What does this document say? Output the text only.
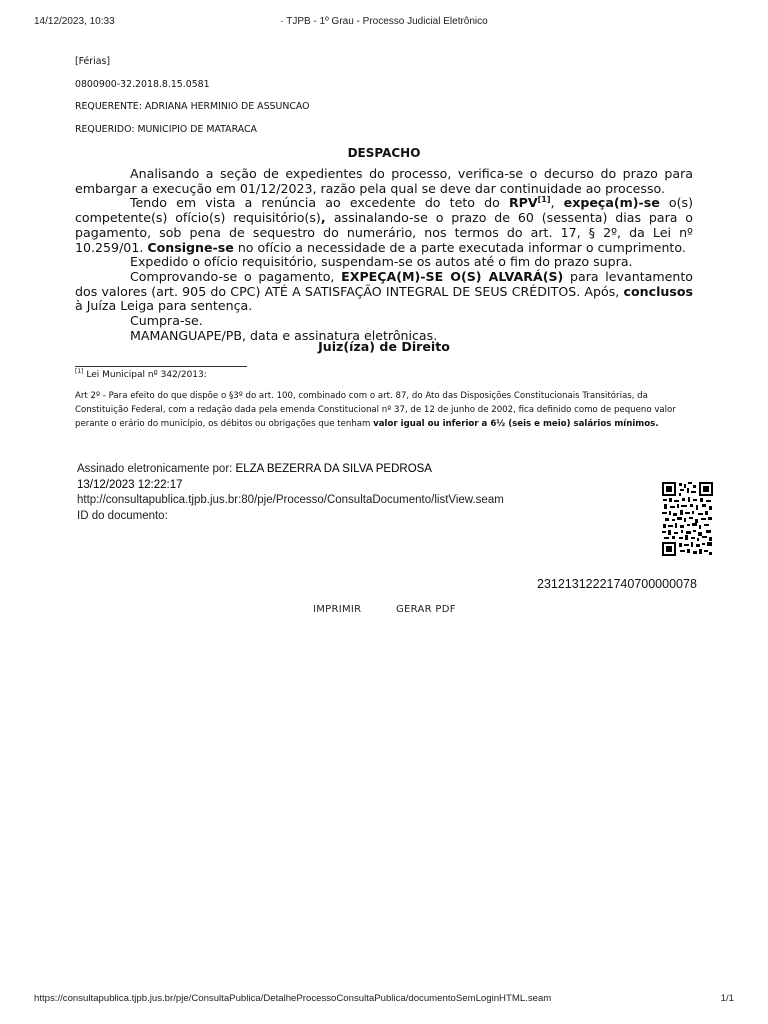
14/12/2023, 10:33	· TJPB - 1º Grau - Processo Judicial Eletrônico
[Férias]
0800900-32.2018.8.15.0581
REQUERENTE: ADRIANA HERMINIO DE ASSUNCAO
REQUERIDO: MUNICIPIO DE MATARACA
DESPACHO

Analisando a seção de expedientes do processo, verifica-se o decurso do prazo para embargar a execução em 01/12/2023, razão pela qual se deve dar continuidade ao processo.

Tendo em vista a renúncia ao excedente do teto do RPV[1], expeça(m)-se o(s) competente(s) ofício(s) requisitório(s), assinalando-se o prazo de 60 (sessenta) dias para o pagamento, sob pena de sequestro do numerário, nos termos do art. 17, § 2º, da Lei nº 10.259/01. Consigne-se no ofício a necessidade de a parte executada informar o cumprimento.

Expedido o ofício requisitório, suspendam-se os autos até o fim do prazo supra.

Comprovando-se o pagamento, EXPEÇA(M)-SE O(S) ALVARÁ(S) para levantamento dos valores (art. 905 do CPC) ATÉ A SATISFAÇÃO INTEGRAL DE SEUS CRÉDITOS. Após, conclusos à Juíza Leiga para sentença.

Cumpra-se.

MAMANGUAPE/PB, data e assinatura eletrônicas.

Juiz(íza) de Direito
[1] Lei Municipal nº 342/2013:
Art 2º - Para efeito do que dispõe o §3º do art. 100, combinado com o art. 87, do Ato das Disposições Constitucionais Transitórias, da Constituição Federal, com a redação dada pela emenda Constitucional nº 37, de 12 de junho de 2002, fica definido como de pequeno valor perante o erário do município, os débitos ou obrigações que tenham valor igual ou inferior a 6½ (seis e meio) salários mínimos.
Assinado eletronicamente por: ELZA BEZERRA DA SILVA PEDROSA
13/12/2023 12:22:17
http://consultapublica.tjpb.jus.br:80/pje/Processo/ConsultaDocumento/listView.seam
ID do documento:
23121312221740700000078
IMPRIMIR	GERAR PDF
https://consultapublica.tjpb.jus.br/pje/ConsultaPublica/DetalheProcessoConsultaPublica/documentoSemLoginHTML.seam	1/1
